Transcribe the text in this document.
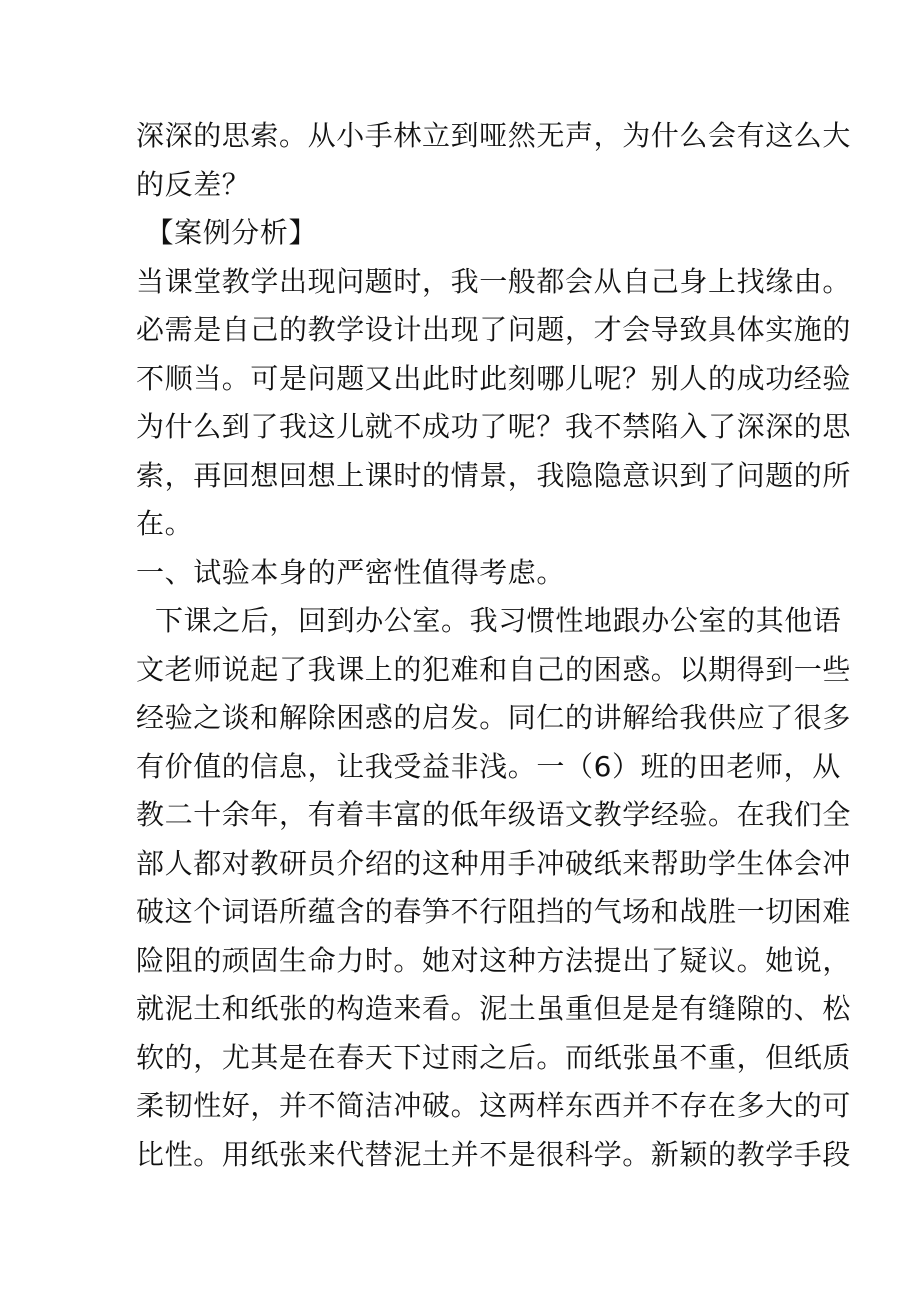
深深的思索。从小手林立到哑然无声，为什么会有这么大
的反差？
【案例分析】
当课堂教学出现问题时，我一般都会从自己身上找缘由。
必需是自己的教学设计出现了问题，才会导致具体实施的
不顺当。可是问题又出此时此刻哪儿呢？别人的成功经验
为什么到了我这儿就不成功了呢？我不禁陷入了深深的思
索，再回想回想上课时的情景，我隐隐意识到了问题的所
在。
一、试验本身的严密性值得考虑。
下课之后，回到办公室。我习惯性地跟办公室的其他语
文老师说起了我课上的犯难和自己的困惑。以期得到一些
经验之谈和解除困惑的启发。同仁的讲解给我供应了很多
有价值的信息，让我受益非浅。一（6）班的田老师，从
教二十余年，有着丰富的低年级语文教学经验。在我们全
部人都对教研员介绍的这种用手冲破纸来帮助学生体会冲
破这个词语所蕴含的春笋不行阻挡的气场和战胜一切困难
险阻的顽固生命力时。她对这种方法提出了疑议。她说，
就泥土和纸张的构造来看。泥土虽重但是是有缝隙的、松
软的，尤其是在春天下过雨之后。而纸张虽不重，但纸质
柔韧性好，并不简洁冲破。这两样东西并不存在多大的可
比性。用纸张来代替泥土并不是很科学。新颖的教学手段
